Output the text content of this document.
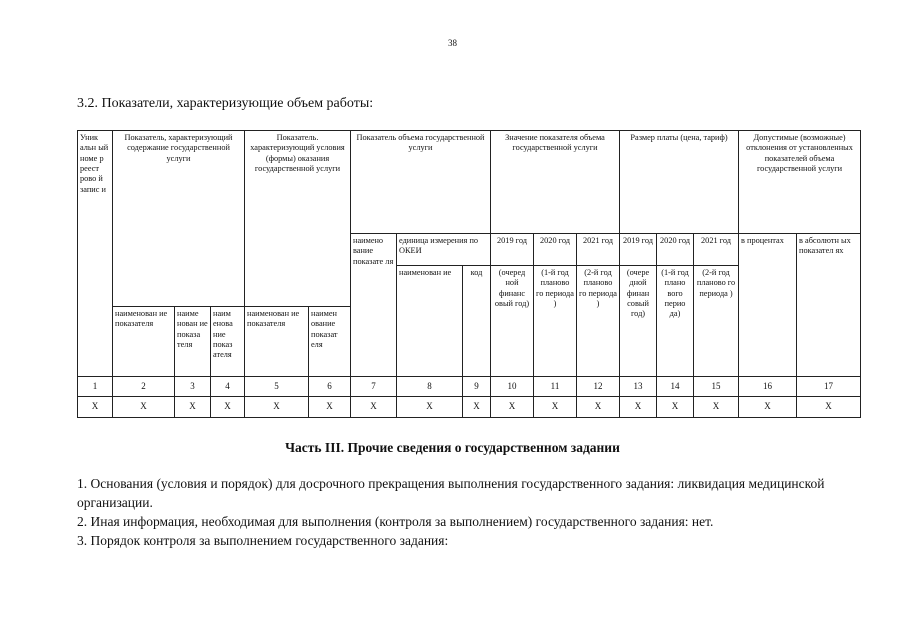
38
3.2. Показатели, характеризующие объем работы:
Уник альн ый номе р реест рово й запис и	Показатель, характеризующий содержание государственной услуги			Показатель. характеризующий условия (формы) оказания государственной услуги		Показатель объема государственной услуги			Значение показателя объема государственной услуги			Размер платы (цена, тариф)			Допустимые (возможные) отклонения от установленных показателей объема государственной услуги	
						наимено вание показате ля	единица измерения по ОКЕИ		2019 год	2020 год	2021 год	2019 год	2020 год	2021 год	в процентах	в абсолютн ых показател ях
							наименован ие	код	(очеред ной финанс овый год)	(1-й год планово го периода )	(2-й год планово го периода )	(очере дной финан совый год)	(1-й год плано вого перио да)	(2-й год планово го периода )		
	наименован ие показателя	наиме нован ие показа теля	наим енова ние показ ателя	наименован ие показателя	наимен ование показат еля											
1	2	3	4	5	6	7	8	9	10	11	12	13	14	15	16	17
X	X	X	X	X	X	X	X	X	X	X	X	X	X	X	X	X
Часть III. Прочие сведения о государственном задании
1. Основания (условия и порядок) для досрочного прекращения выполнения государственного задания: ликвидация медицинской организации.
2. Иная информация, необходимая для выполнения (контроля за выполнением) государственного задания: нет.
3. Порядок контроля за выполнением государственного задания:
